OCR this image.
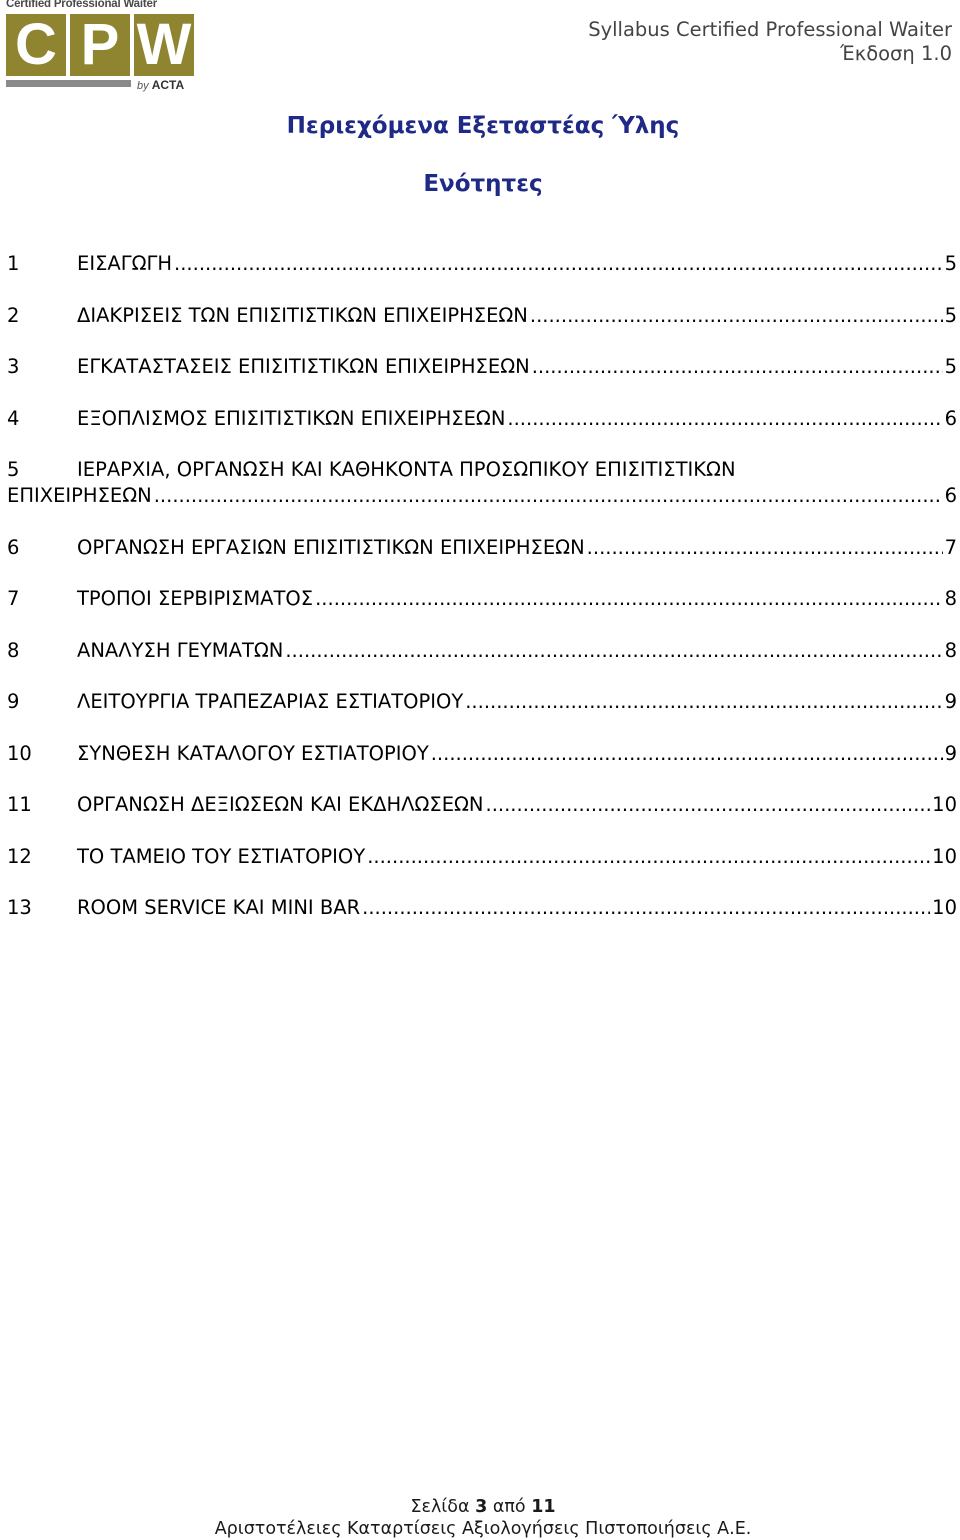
Certified Professional Waiter
C P W
by ACTA
Syllabus Certified Professional Waiter
Έκδοση 1.0
Περιεχόμενα Εξεταστέας Ύλης
Ενότητες
1	ΕΙΣΑΓΩΓΗ .....	5
2	ΔΙΑΚΡΙΣΕΙΣ ΤΩΝ ΕΠΙΣΙΤΙΣΤΙΚΩΝ ΕΠΙΧΕΙΡΗΣΕΩΝ .....	5
3	ΕΓΚΑΤΑΣΤΑΣΕΙΣ ΕΠΙΣΙΤΙΣΤΙΚΩΝ ΕΠΙΧΕΙΡΗΣΕΩΝ .....	5
4	ΕΞΟΠΛΙΣΜΟΣ ΕΠΙΣΙΤΙΣΤΙΚΩΝ ΕΠΙΧΕΙΡΗΣΕΩΝ .....	6
5	ΙΕΡΑΡΧΙΑ, ΟΡΓΑΝΩΣΗ ΚΑΙ ΚΑΘΗΚΟΝΤΑ ΠΡΟΣΩΠΙΚΟΥ ΕΠΙΣΙΤΙΣΤΙΚΩΝ
ΕΠΙΧΕΙΡΗΣΕΩΝ .....	6
6	ΟΡΓΑΝΩΣΗ ΕΡΓΑΣΙΩΝ ΕΠΙΣΙΤΙΣΤΙΚΩΝ ΕΠΙΧΕΙΡΗΣΕΩΝ .....	7
7	ΤΡΟΠΟΙ ΣΕΡΒΙΡΙΣΜΑΤΟΣ .....	8
8	ΑΝΑΛΥΣΗ ΓΕΥΜΑΤΩΝ .....	8
9	ΛΕΙΤΟΥΡΓΙΑ ΤΡΑΠΕΖΑΡΙΑΣ ΕΣΤΙΑΤΟΡΙΟΥ .....	9
10	ΣΥΝΘΕΣΗ ΚΑΤΑΛΟΓΟΥ ΕΣΤΙΑΤΟΡΙΟΥ .....	9
11	ΟΡΓΑΝΩΣΗ ΔΕΞΙΩΣΕΩΝ ΚΑΙ ΕΚΔΗΛΩΣΕΩΝ .....	10
12	ΤΟ ΤΑΜΕΙΟ ΤΟΥ ΕΣΤΙΑΤΟΡΙΟΥ .....	10
13	ROOM SERVICE ΚΑΙ MINI BAR .....	10
Σελίδα 3 από 11
Αριστοτέλειες Καταρτίσεις Αξιολογήσεις Πιστοποιήσεις Α.Ε.
